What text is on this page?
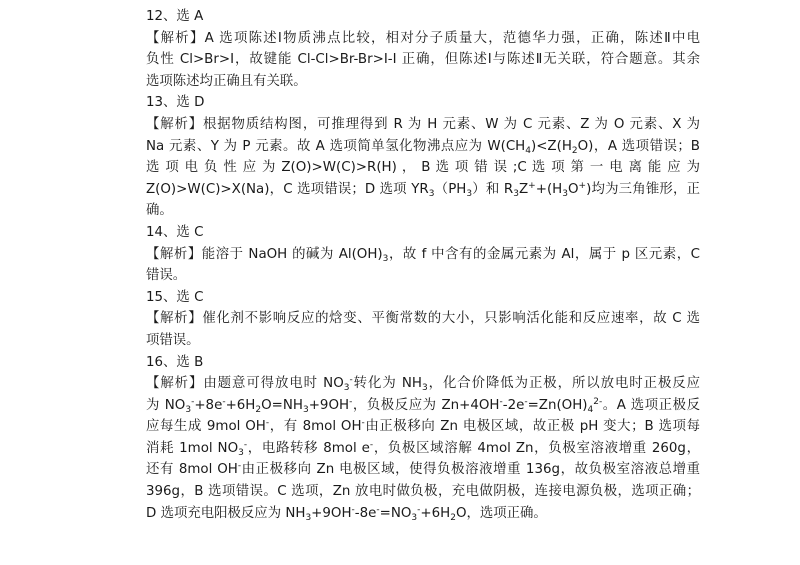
12、选 A
【解析】A 选项陈述Ⅰ物质沸点比较，相对分子质量大，范德华力强，正确，陈述Ⅱ中电
负性 Cl>Br>I，故键能 Cl-Cl>Br-Br>I-I 正确，但陈述Ⅰ与陈述Ⅱ无关联，符合题意。其余
选项陈述均正确且有关联。
13、选 D
【解析】根据物质结构图，可推理得到 R 为 H 元素、W 为 C 元素、Z 为 O 元素、X 为
Na 元素、Y 为 P 元素。故 A 选项简单氢化物沸点应为 $W(CH_4)<Z(H_2O)$，A 选项错误；B
选 项 电 负 性 应 为 Z(O)>W(C)>R(H) ， B 选 项 错 误 ;C 选 项 第 一 电 离 能 应 为
Z(O)>W(C)>X(Na)，C 选项错误；D 选项 $YR_3(PH_3)$和 $R_3Z^++(H_3O^+)$均为三角锥形，正
确。
14、选 C
【解析】能溶于 NaOH 的碱为 $Al(OH)_3$，故 f 中含有的金属元素为 Al，属于 p 区元素，C
错误。
15、选 C
【解析】催化剂不影响反应的焓变、平衡常数的大小，只影响活化能和反应速率，故 C 选
项错误。
16、选 B
【解析】由题意可得放电时 $NO_3^-$转化为 $NH_3$，化合价降低为正极，所以放电时正极反应
为 $NO_3^-+8e^-+6H_2O=NH_3+9OH^-$，负极反应为 $Zn+4OH^--2e^-=Zn(OH)_4^{2-}$。A 选项正极反
应每生成 9mol OH-，有 8mol OH-由正极移向 Zn 电极区域，故正极 pH 变大；B 选项每
消耗 1mol $NO_3^-$，电路转移 8mol e-，负极区域溶解 4mol Zn，负极室溶液增重 260g，
还有 8mol OH-由正极移向 Zn 电极区域，使得负极溶液增重 136g，故负极室溶液总增重
396g，B 选项错误。C 选项，Zn 放电时做负极，充电做阴极，连接电源负极，选项正确；
D 选项充电阳极反应为 $NH_3+9OH^--8e^-=NO_3^-+6H_2O$，选项正确。
